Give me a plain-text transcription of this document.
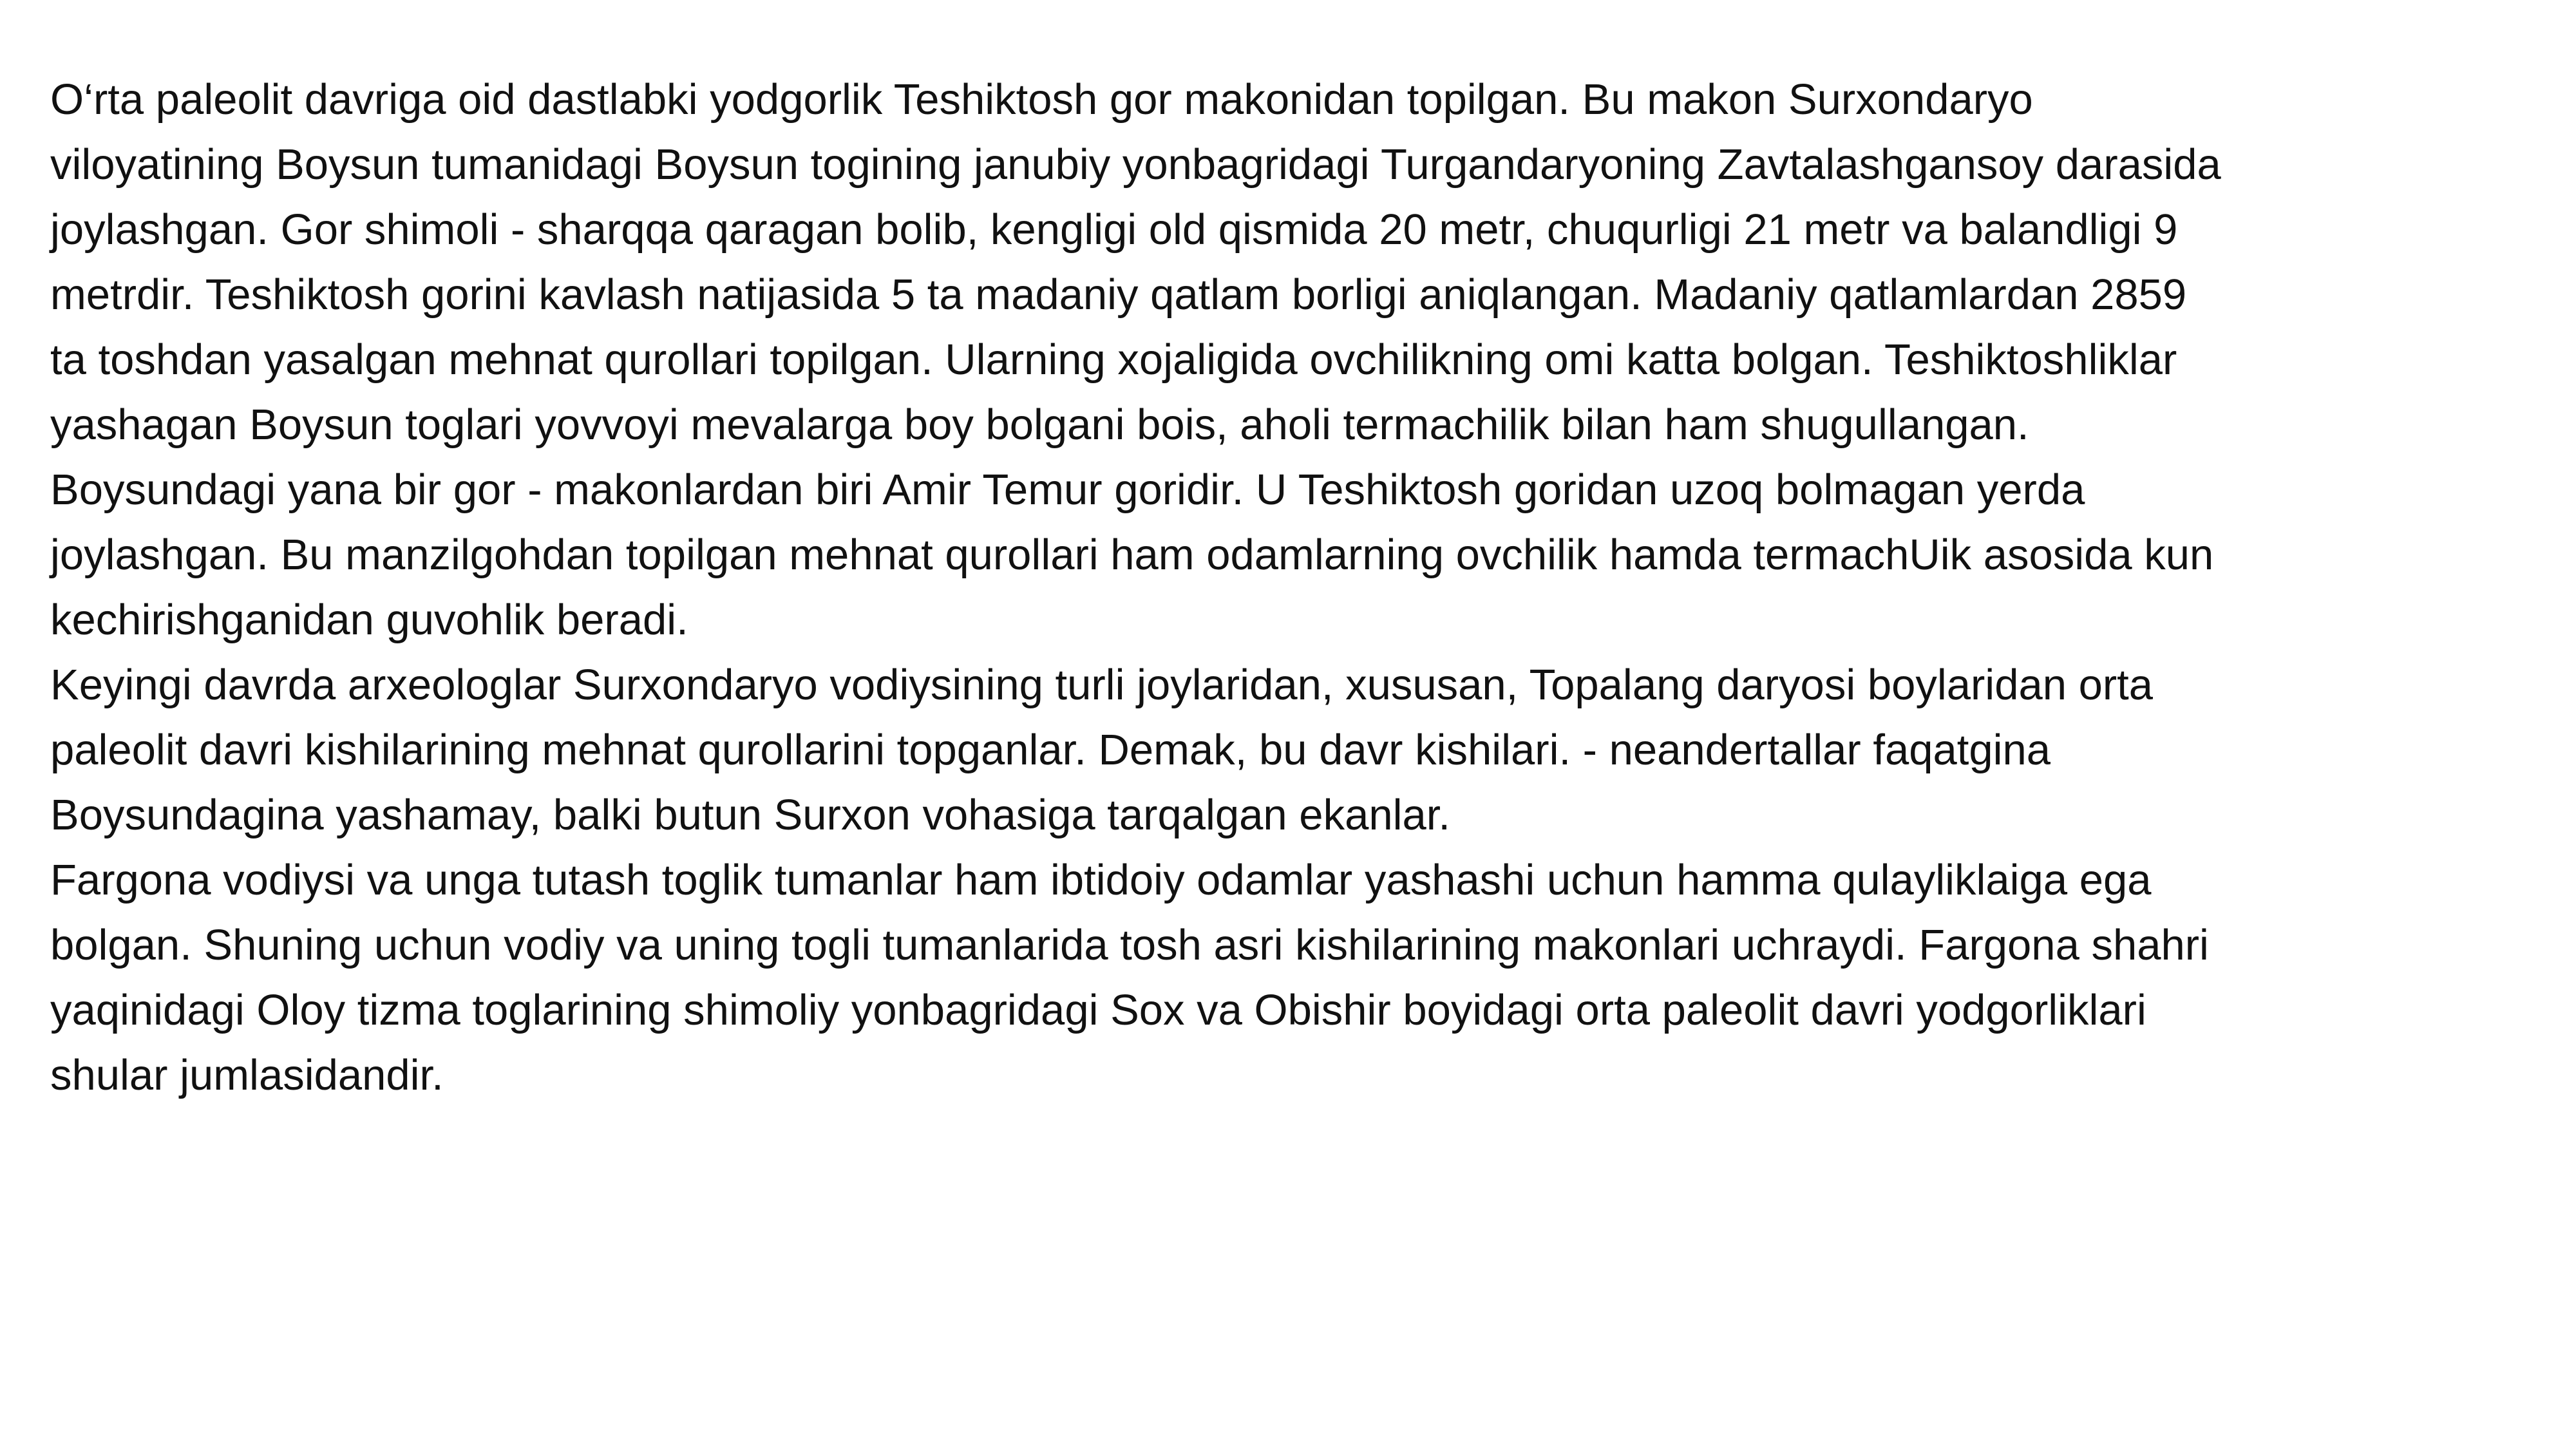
O‘rta paleolit davriga oid dastlabki yodgorlik Teshiktosh gor makonidan topilgan. Bu makon Surxondaryo
viloyatining Boysun tumanidagi Boysun togining janubiy yonbagridagi Turgandaryoning Zavtalashgansoy darasida
joylashgan. Gor shimoli - sharqqa qaragan bolib, kengligi old qismida 20 metr, chuqurligi 21 metr va balandligi 9
metrdir. Teshiktosh gorini kavlash natijasida 5 ta madaniy qatlam borligi aniqlangan. Madaniy qatlamlardan 2859
ta toshdan yasalgan mehnat qurollari topilgan. Ularning xojaligida ovchilikning omi katta bolgan. Teshiktoshliklar
yashagan Boysun toglari yovvoyi mevalarga boy bolgani bois, aholi termachilik bilan ham shugullangan.

Boysundagi yana bir gor - makonlardan biri Amir Temur goridir. U Teshiktosh goridan uzoq bolmagan yerda
joylashgan. Bu manzilgohdan topilgan mehnat qurollari ham odamlarning ovchilik hamda termachUik asosida kun
kechirishganidan guvohlik beradi.

Keyingi davrda arxeologlar Surxondaryo vodiysining turli joylaridan, xususan, Topalang daryosi boylaridan orta
paleolit davri kishilarining mehnat qurollarini topganlar. Demak, bu davr kishilari. - neandertallar faqatgina
Boysundagina yashamay, balki butun Surxon vohasiga tarqalgan ekanlar.

Fargona vodiysi va unga tutash toglik tumanlar ham ibtidoiy odamlar yashashi uchun hamma qulayliklaiga ega
bolgan. Shuning uchun vodiy va uning togli tumanlarida tosh asri kishilarining makonlari uchraydi. Fargona shahri
yaqinidagi Oloy tizma toglarining shimoliy yonbagridagi Sox va Obishir boyidagi orta paleolit davri yodgorliklari
shular jumlasidandir.
